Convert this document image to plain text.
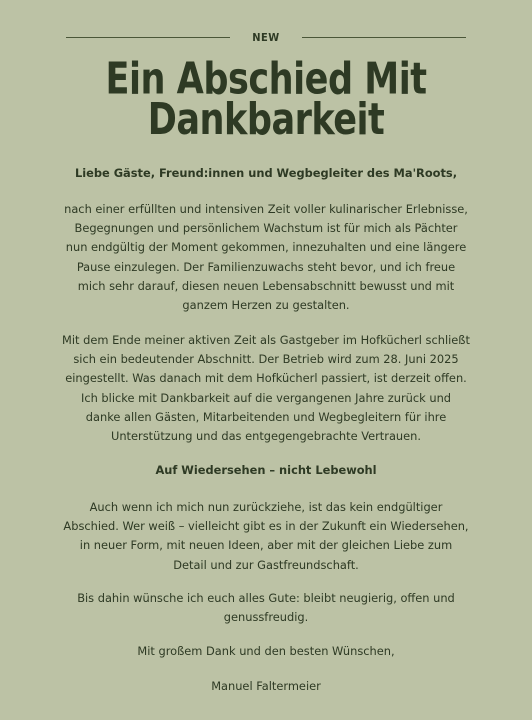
NEW
Ein Abschied Mit
Dankbarkeit

Liebe Gäste, Freund:innen und Wegbegleiter des Ma'Roots,

nach einer erfüllten und intensiven Zeit voller kulinarischer Erlebnisse, Begegnungen und persönlichem Wachstum ist für mich als Pächter nun endgültig der Moment gekommen, innezuhalten und eine längere Pause einzulegen. Der Familienzuwachs steht bevor, und ich freue mich sehr darauf, diesen neuen Lebensabschnitt bewusst und mit ganzem Herzen zu gestalten.

Mit dem Ende meiner aktiven Zeit als Gastgeber im Hofkücherl schließt sich ein bedeutender Abschnitt. Der Betrieb wird zum 28. Juni 2025 eingestellt. Was danach mit dem Hofkücherl passiert, ist derzeit offen. Ich blicke mit Dankbarkeit auf die vergangenen Jahre zurück und danke allen Gästen, Mitarbeitenden und Wegbegleitern für ihre Unterstützung und das entgegengebrachte Vertrauen.

Auf Wiedersehen – nicht Lebewohl

Auch wenn ich mich nun zurückziehe, ist das kein endgültiger Abschied. Wer weiß – vielleicht gibt es in der Zukunft ein Wiedersehen, in neuer Form, mit neuen Ideen, aber mit der gleichen Liebe zum Detail und zur Gastfreundschaft.

Bis dahin wünsche ich euch alles Gute: bleibt neugierig, offen und genussfreudig.

Mit großem Dank und den besten Wünschen,

Manuel Faltermeier
